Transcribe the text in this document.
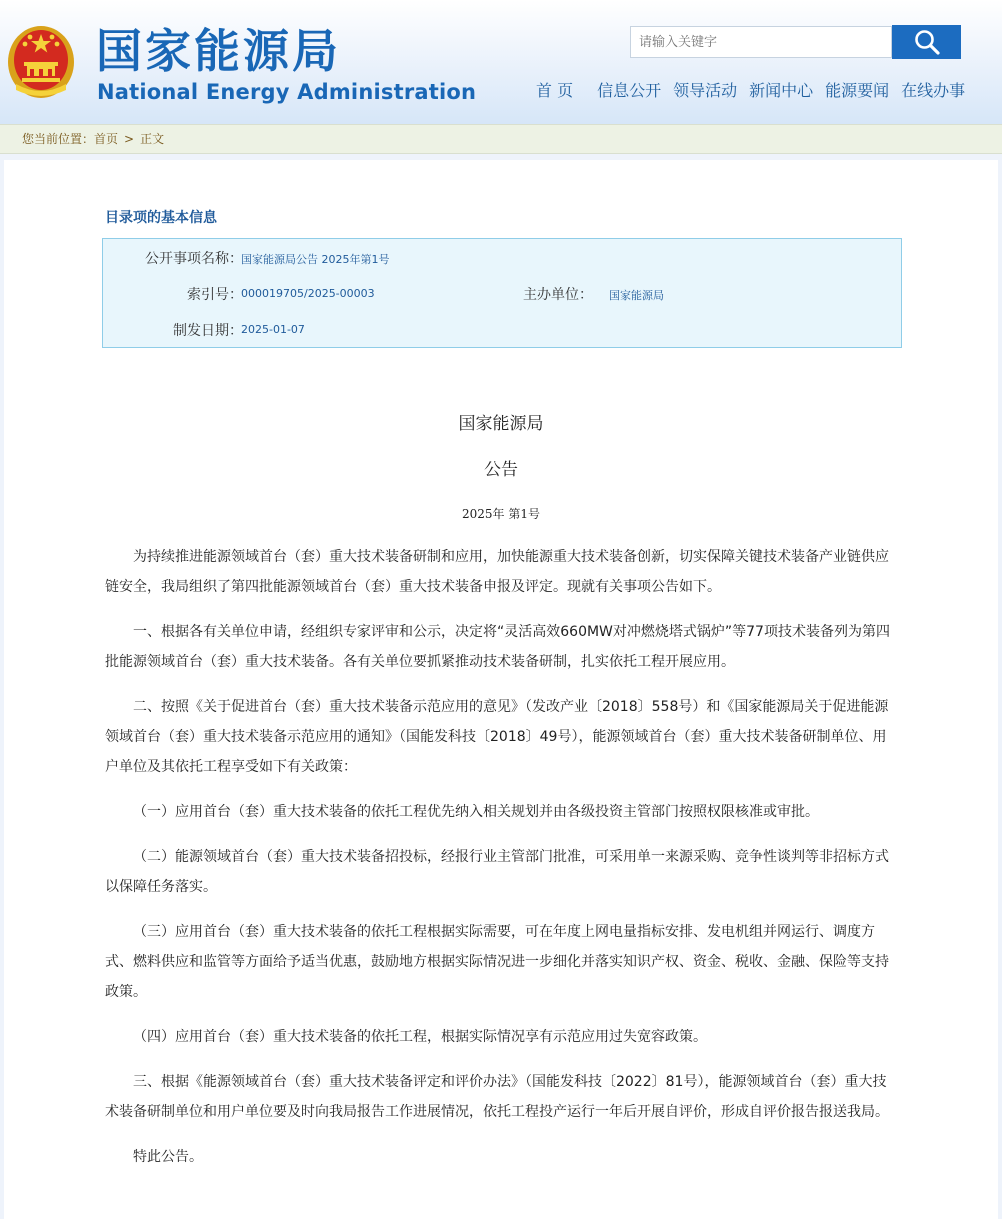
国家能源局
National Energy Administration
请输入关键字	首 页 信息公开 领导活动 新闻中心 能源要闻 在线办事
您当前位置：首页 > 正文
目录项的基本信息
公开事项名称：
国家能源局公告 2025年第1号
索引号：
000019705/2025-00003	主办单位： 国家能源局
制发日期：
2025-01-07
国家能源局
公告
2025年 第1号
为持续推进能源领域首台（套）重大技术装备研制和应用，加快能源重大技术装备创新，切实保障关键技术装备产业链供应链安全，我局组织了第四批能源领域首台（套）重大技术装备申报及评定。现就有关事项公告如下。
一、根据各有关单位申请，经组织专家评审和公示，决定将“灵活高效660MW对冲燃烧塔式锅炉”等77项技术装备列为第四批能源领域首台（套）重大技术装备。各有关单位要抓紧推动技术装备研制，扎实依托工程开展应用。
二、按照《关于促进首台（套）重大技术装备示范应用的意见》（发改产业〔2018〕558号）和《国家能源局关于促进能源领域首台（套）重大技术装备示范应用的通知》（国能发科技〔2018〕49号），能源领域首台（套）重大技术装备研制单位、用户单位及其依托工程享受如下有关政策：
（一）应用首台（套）重大技术装备的依托工程优先纳入相关规划并由各级投资主管部门按照权限核准或审批。
（二）能源领域首台（套）重大技术装备招投标，经报行业主管部门批准，可采用单一来源采购、竞争性谈判等非招标方式以保障任务落实。
（三）应用首台（套）重大技术装备的依托工程根据实际需要，可在年度上网电量指标安排、发电机组并网运行、调度方式、燃料供应和监管等方面给予适当优惠，鼓励地方根据实际情况进一步细化并落实知识产权、资金、税收、金融、保险等支持政策。
（四）应用首台（套）重大技术装备的依托工程，根据实际情况享有示范应用过失宽容政策。
三、根据《能源领域首台（套）重大技术装备评定和评价办法》（国能发科技〔2022〕81号），能源领域首台（套）重大技术装备研制单位和用户单位要及时向我局报告工作进展情况，依托工程投产运行一年后开展自评价，形成自评价报告报送我局。
特此公告。
